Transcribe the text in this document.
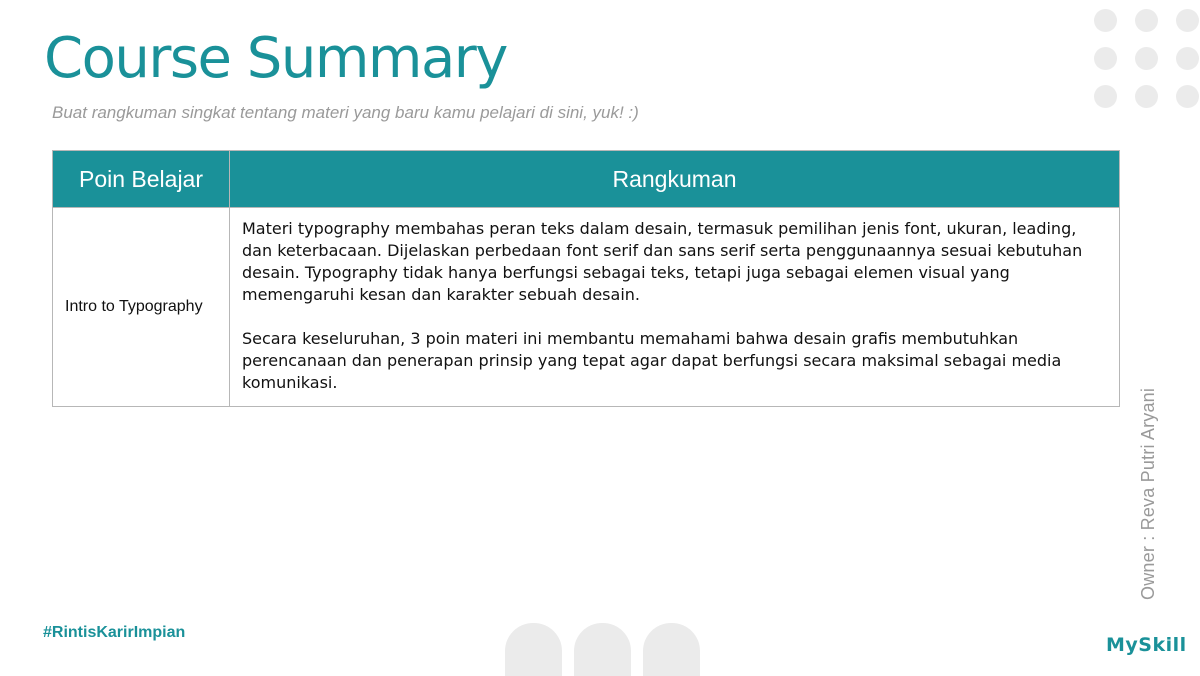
Course Summary
Buat rangkuman singkat tentang materi yang baru kamu pelajari di sini, yuk! :)
Poin Belajar	Rangkuman
Intro to Typography	Materi typography membahas peran teks dalam desain, termasuk pemilihan jenis font, ukuran, leading, dan keterbacaan. Dijelaskan perbedaan font serif dan sans serif serta penggunaannya sesuai kebutuhan desain. Typography tidak hanya berfungsi sebagai teks, tetapi juga sebagai elemen visual yang memengaruhi kesan dan karakter sebuah desain.

Secara keseluruhan, 3 poin materi ini membantu memahami bahwa desain grafis membutuhkan perencanaan dan penerapan prinsip yang tepat agar dapat berfungsi secara maksimal sebagai media komunikasi.

Owner : Reva Putri Aryani
#RintisKarirImpian
MySkill
